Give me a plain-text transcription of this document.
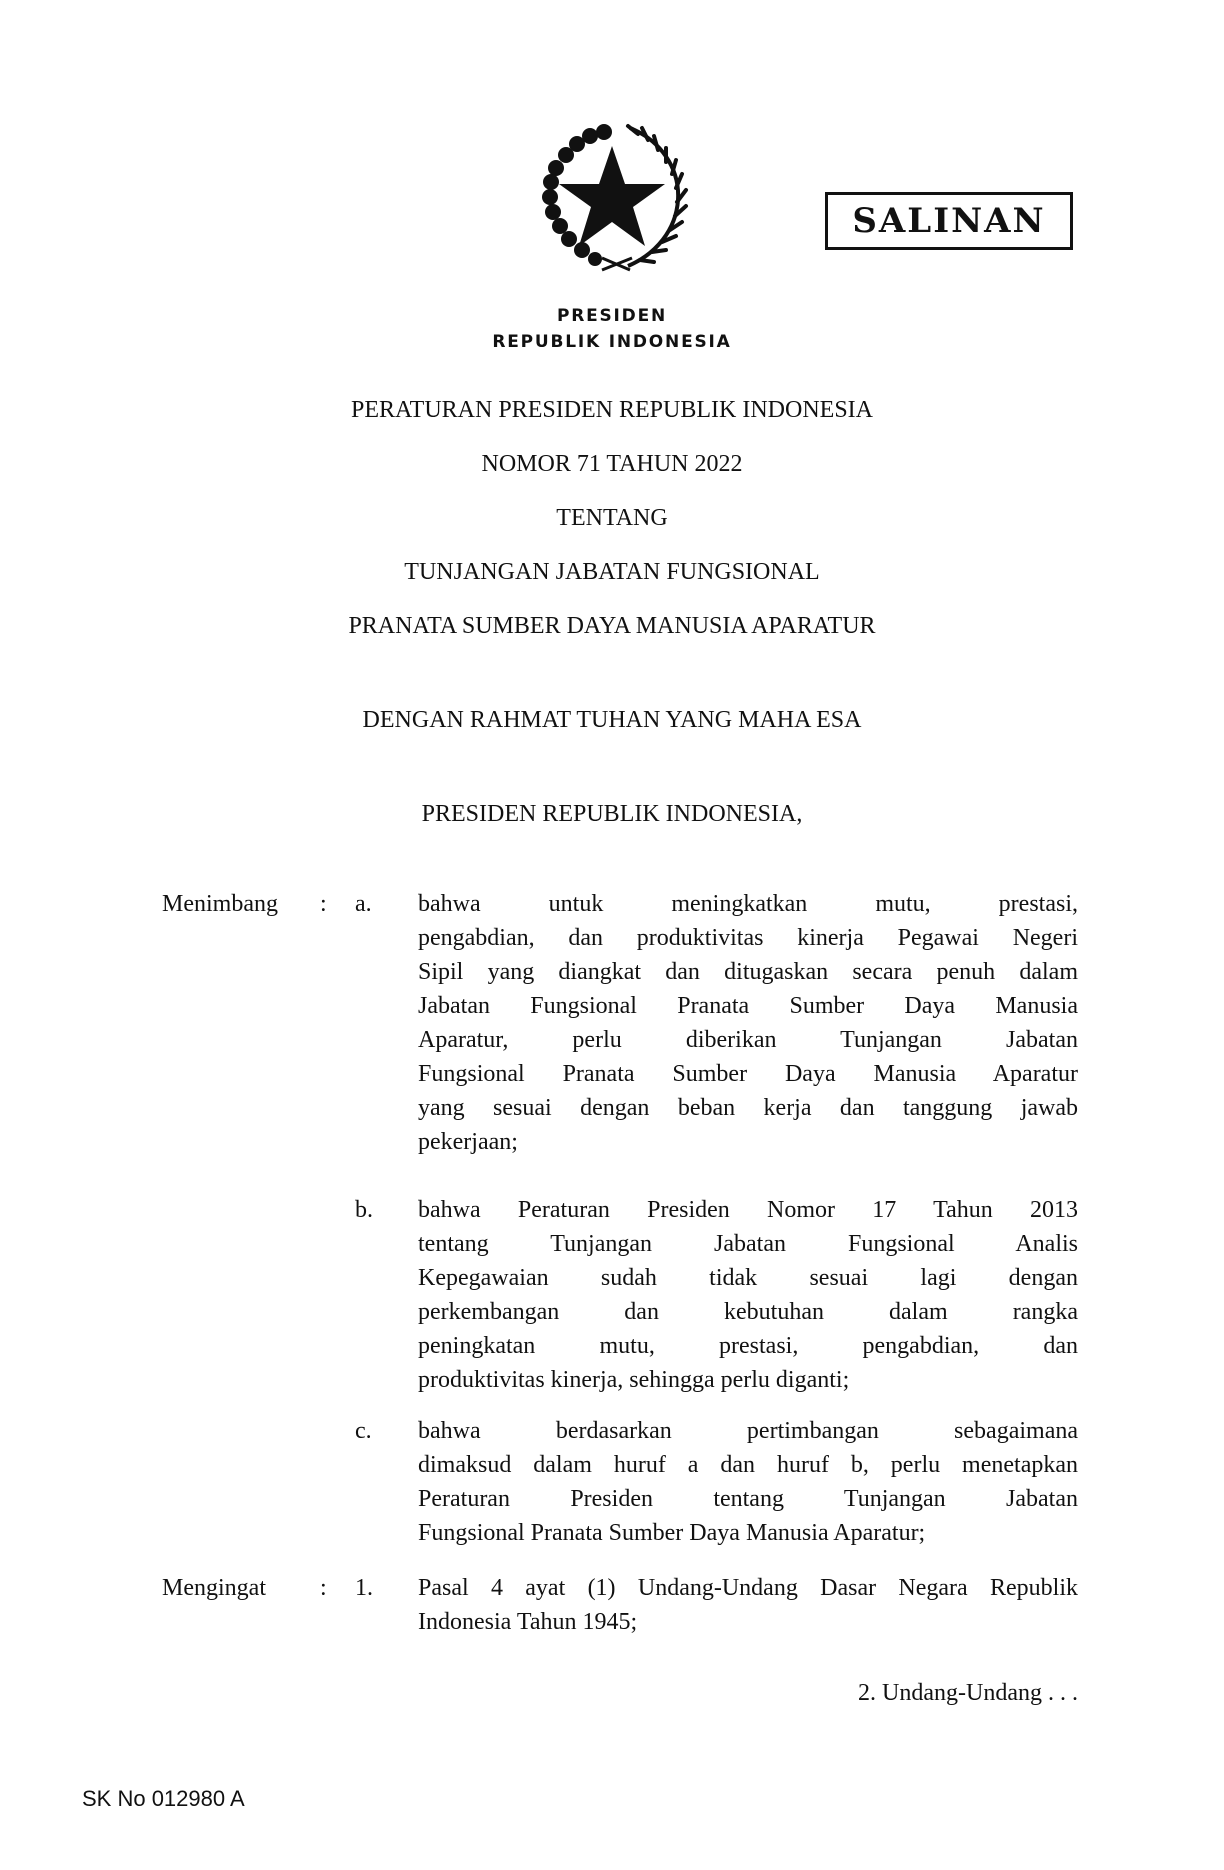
SALINAN
PRESIDEN
REPUBLIK INDONESIA
PERATURAN PRESIDEN REPUBLIK INDONESIA
NOMOR 71 TAHUN 2022
TENTANG
TUNJANGAN JABATAN FUNGSIONAL
PRANATA SUMBER DAYA MANUSIA APARATUR
DENGAN RAHMAT TUHAN YANG MAHA ESA
PRESIDEN REPUBLIK INDONESIA,
Menimbang : a. bahwa untuk meningkatkan mutu, prestasi,
pengabdian, dan produktivitas kinerja Pegawai Negeri
Sipil yang diangkat dan ditugaskan secara penuh dalam
Jabatan Fungsional Pranata Sumber Daya Manusia
Aparatur, perlu diberikan Tunjangan Jabatan
Fungsional Pranata Sumber Daya Manusia Aparatur
yang sesuai dengan beban kerja dan tanggung jawab
pekerjaan;
b. bahwa Peraturan Presiden Nomor 17 Tahun 2013
tentang Tunjangan Jabatan Fungsional Analis
Kepegawaian sudah tidak sesuai lagi dengan
perkembangan dan kebutuhan dalam rangka
peningkatan mutu, prestasi, pengabdian, dan
produktivitas kinerja, sehingga perlu diganti;
c. bahwa berdasarkan pertimbangan sebagaimana
dimaksud dalam huruf a dan huruf b, perlu menetapkan
Peraturan Presiden tentang Tunjangan Jabatan
Fungsional Pranata Sumber Daya Manusia Aparatur;
Mengingat : 1. Pasal 4 ayat (1) Undang-Undang Dasar Negara Republik
Indonesia Tahun 1945;
2. Undang-Undang . . .
SK No 012980 A
